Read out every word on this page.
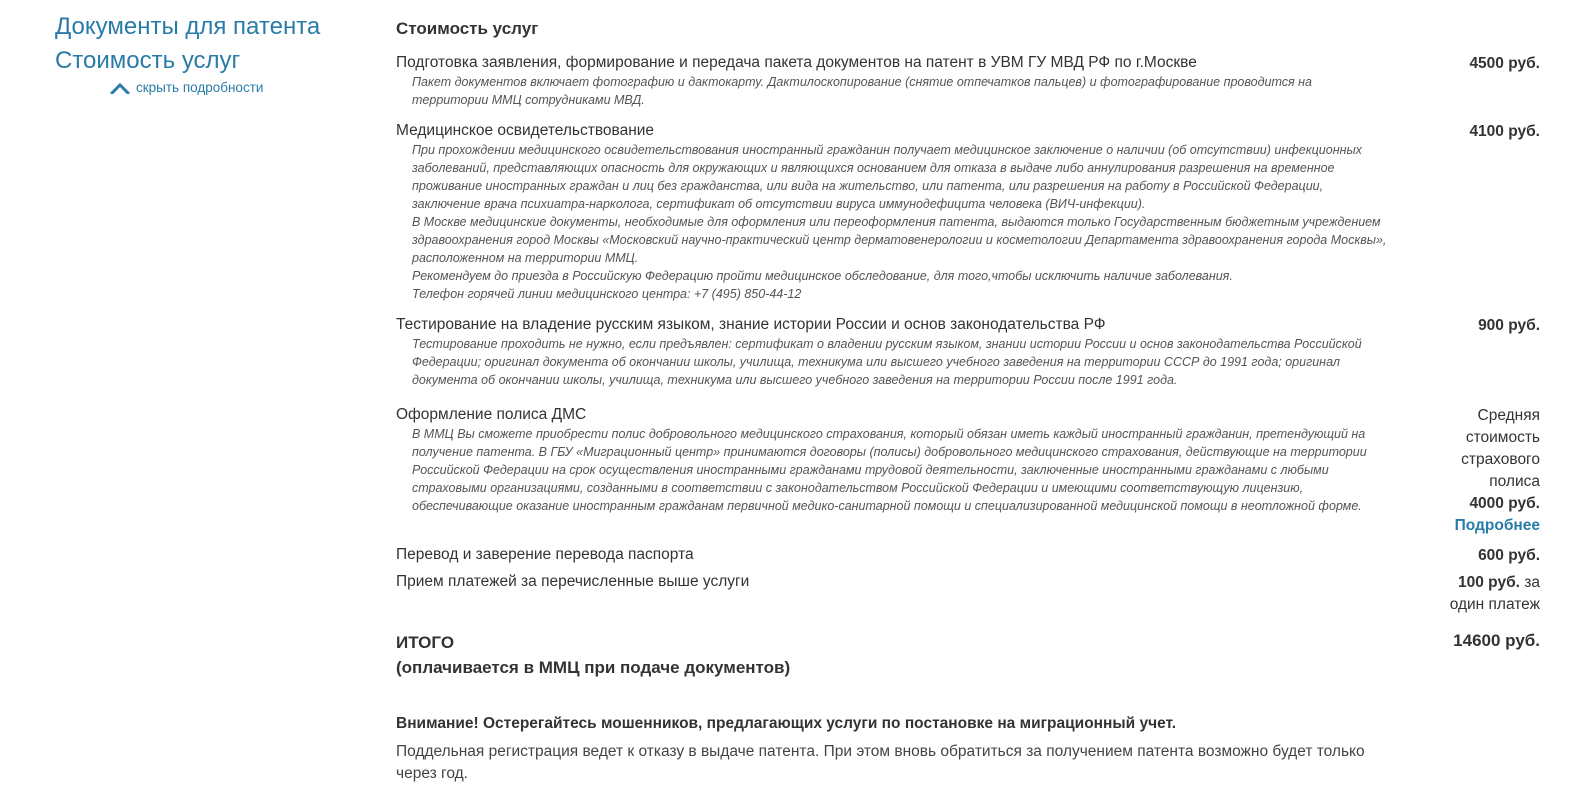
Документы для патента
Стоимость услуг
скрыть подробности
Стоимость услуг
Подготовка заявления, формирование и передача пакета документов на патент в УВМ ГУ МВД РФ по г.Москве

Пакет документов включает фотографию и дактокарту. Дактилоскопирование (снятие отпечатков пальцев) и фотографирование проводится на территории ММЦ сотрудниками МВД.

4500 руб.
Медицинское освидетельствование

При прохождении медицинского освидетельствования иностранный гражданин получает медицинское заключение о наличии (об отсутствии) инфекционных заболеваний, представляющих опасность для окружающих и являющихся основанием для отказа в выдаче либо аннулирования разрешения на временное проживание иностранных граждан и лиц без гражданства, или вида на жительство, или патента, или разрешения на работу в Российской Федерации, заключение врача психиатра-нарколога, сертификат об отсутствии вируса иммунодефицита человека (ВИЧ-инфекции).

В Москве медицинские документы, необходимые для оформления или переоформления патента, выдаются только Государственным бюджетным учреждением здравоохранения город Москвы «Московский научно-практический центр дерматовенерологии и косметологии Департамента здравоохранения города Москвы», расположенном на территории ММЦ.

Рекомендуем до приезда в Российскую Федерацию пройти медицинское обследование, для того,чтобы исключить наличие заболевания.

Телефон горячей линии медицинского центра: +7 (495) 850-44-12

4100 руб.
Тестирование на владение русским языком, знание истории России и основ законодательства РФ

Тестирование проходить не нужно, если предъявлен: сертификат о владении русским языком, знании истории России и основ законодательства Российской Федерации; оригинал документа об окончании школы, училища, техникума или высшего учебного заведения на территории СССР до 1991 года; оригинал документа об окончании школы, училища, техникума или высшего учебного заведения на территории России после 1991 года.

900 руб.
Оформление полиса ДМС

В ММЦ Вы сможете приобрести полис добровольного медицинского страхования, который обязан иметь каждый иностранный гражданин, претендующий на получение патента. В ГБУ «Миграционный центр» принимаются договоры (полисы) добровольного медицинского страхования, действующие на территории Российской Федерации на срок осуществления иностранными гражданами трудовой деятельности, заключенные иностранными гражданами с любыми страховыми организациями, созданными в соответствии с законодательством Российской Федерации и имеющими соответствующую лицензию, обеспечивающие оказание иностранным гражданам первичной медико-санитарной помощи и специализированной медицинской помощи в неотложной форме.

Средняя стоимость страхового полиса
4000 руб.
Подробнее
Перевод и заверение перевода паспорта	600 руб.
Прием платежей за перечисленные выше услуги	100 руб. за один платеж
ИТОГО
(оплачивается в ММЦ при подаче документов)
14600 руб.
Внимание! Остерегайтесь мошенников, предлагающих услуги по постановке на миграционный учет.
Поддельная регистрация ведет к отказу в выдаче патента. При этом вновь обратиться за получением патента возможно будет только через год.
